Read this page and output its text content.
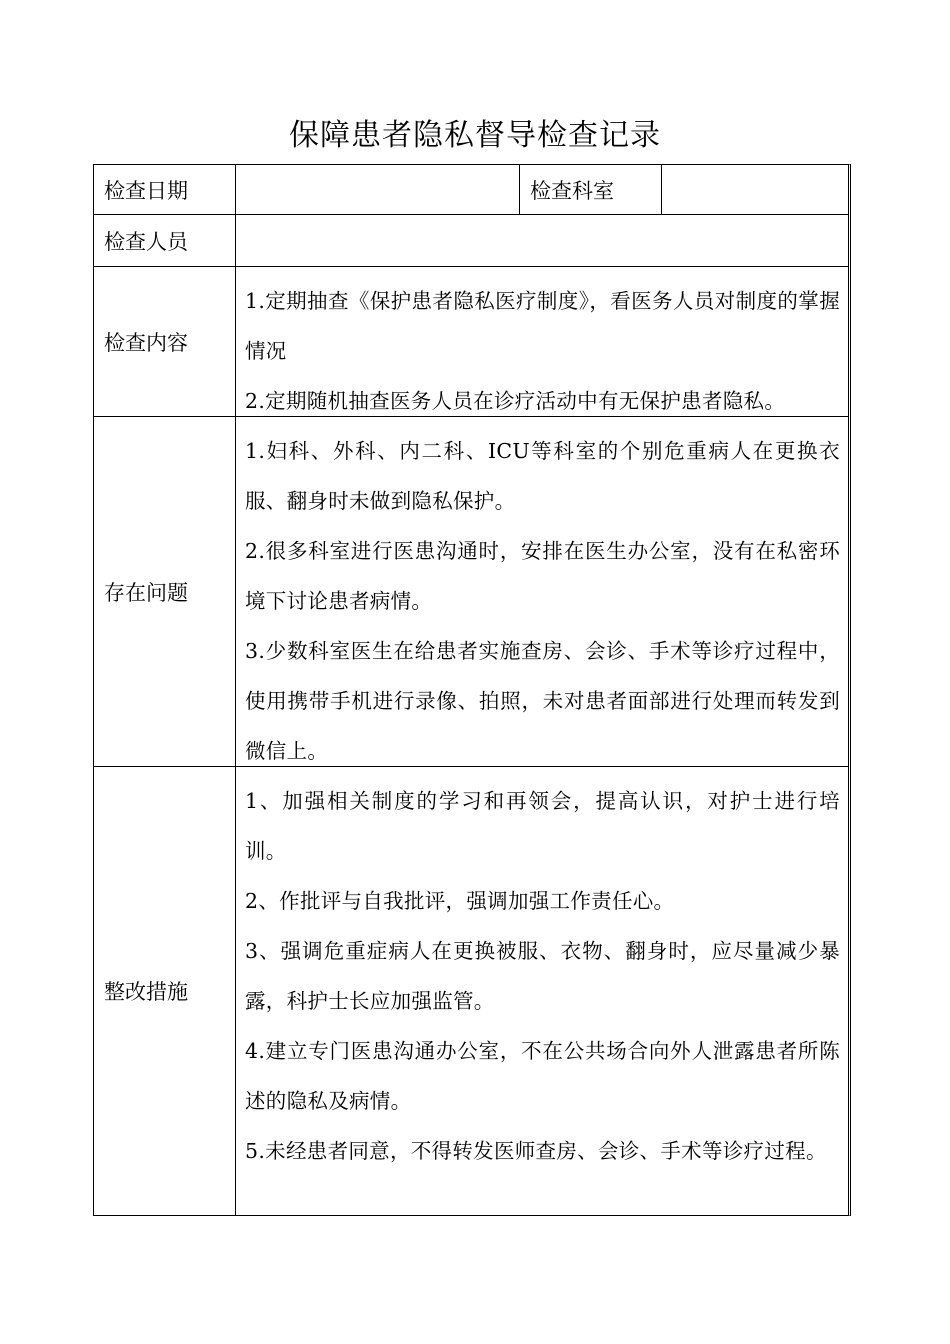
保障患者隐私督导检查记录
检查日期	检查科室
检查人员
检查内容

1.定期抽查《保护患者隐私医疗制度》，看医务人员对制度的掌握情况

2.定期随机抽查医务人员在诊疗活动中有无保护患者隐私。

存在问题

1.妇科、外科、内二科、ICU等科室的个别危重病人在更换衣服、翻身时未做到隐私保护。

2.很多科室进行医患沟通时，安排在医生办公室，没有在私密环境下讨论患者病情。

3.少数科室医生在给患者实施查房、会诊、手术等诊疗过程中，使用携带手机进行录像、拍照，未对患者面部进行处理而转发到微信上。

整改措施

1、加强相关制度的学习和再领会，提高认识，对护士进行培训。

2、作批评与自我批评，强调加强工作责任心。

3、强调危重症病人在更换被服、衣物、翻身时，应尽量减少暴露，科护士长应加强监管。

4.建立专门医患沟通办公室，不在公共场合向外人泄露患者所陈述的隐私及病情。

5.未经患者同意，不得转发医师查房、会诊、手术等诊疗过程。
